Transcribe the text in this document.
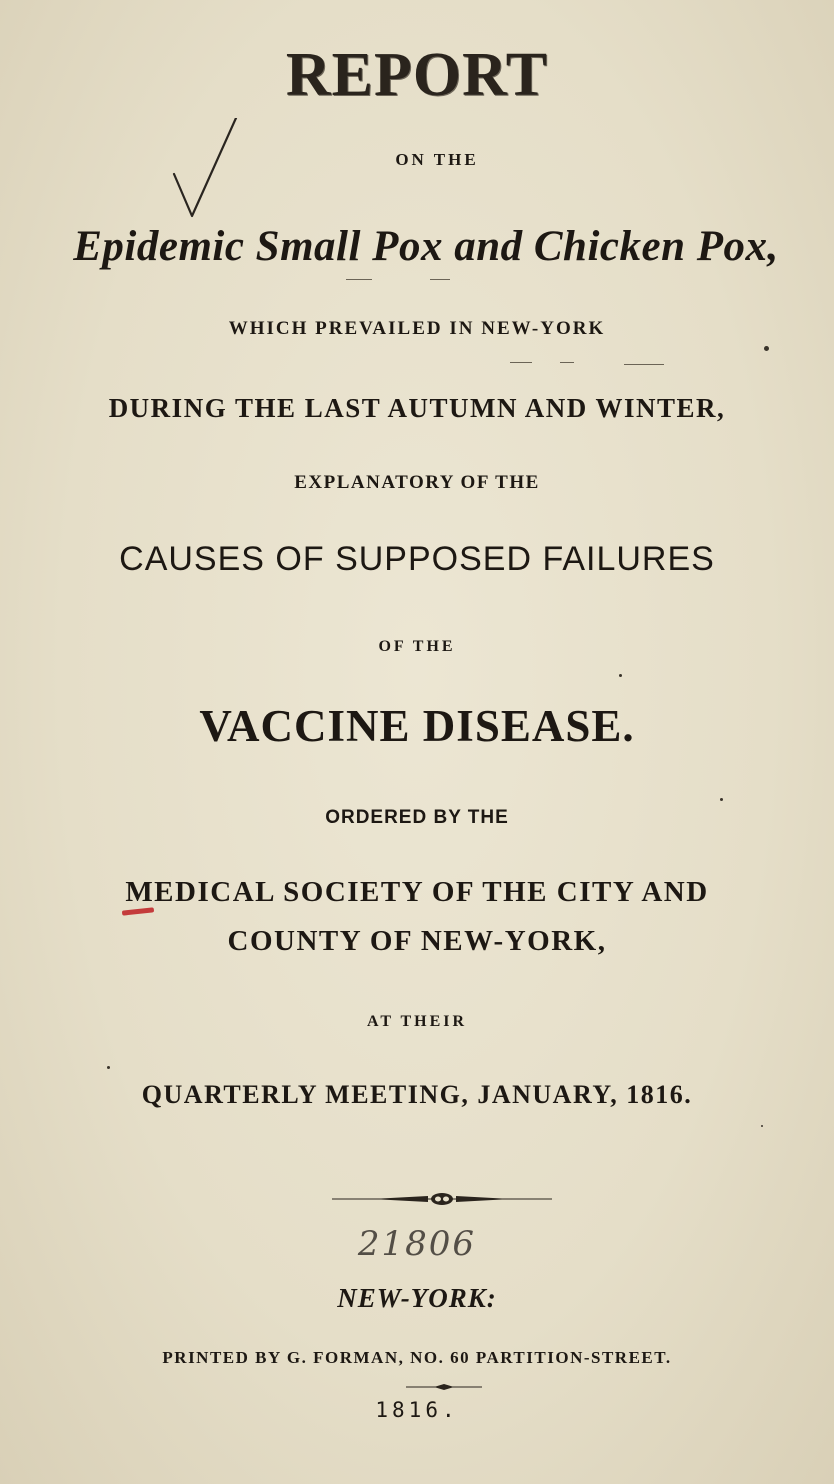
REPORT
ON THE
Epidemic Small Pox and Chicken Pox,
WHICH PREVAILED IN NEW-YORK
DURING THE LAST AUTUMN AND WINTER,
EXPLANATORY OF THE
CAUSES OF SUPPOSED FAILURES
OF THE
VACCINE DISEASE.
ORDERED BY THE
MEDICAL SOCIETY OF THE CITY AND
COUNTY OF NEW-YORK,
AT THEIR
QUARTERLY MEETING, JANUARY, 1816.
21806
NEW-YORK:
PRINTED BY G. FORMAN, NO. 60 PARTITION-STREET.
1816.
